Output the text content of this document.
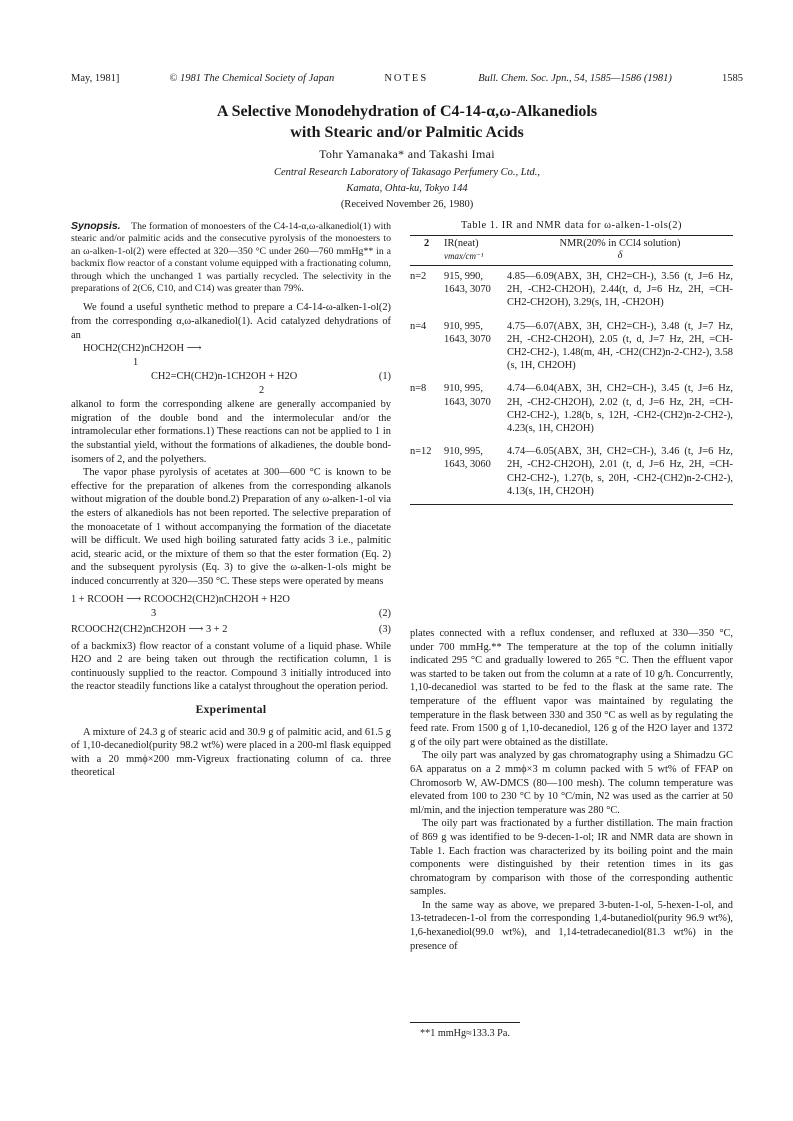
May, 1981]	© 1981 The Chemical Society of Japan	NOTES	Bull. Chem. Soc. Jpn., 54, 1585—1586 (1981)	1585
A Selective Monodehydration of C4-14-α,ω-Alkanediols
with Stearic and/or Palmitic Acids
Tohr Yamanaka* and Takashi Imai
Central Research Laboratory of Takasago Perfumery Co., Ltd.,
Kamata, Ohta-ku, Tokyo 144
(Received November 26, 1980)

Synopsis. The formation of monoesters of the C4-14-α,ω-alkanediol(1) with stearic and/or palmitic acids and the consecutive pyrolysis of the monoesters to an ω-alken-1-ol(2) were effected at 320—350 °C under 260—760 mmHg** in a backmix flow reactor of a constant volume equipped with a fractionating column, through which the unchanged 1 was partially recycled. The selectivity in the preparations of 2(C6, C10, and C14) was greater than 79%.

We found a useful synthetic method to prepare a C4-14-ω-alken-1-ol(2) from the corresponding α,ω-alkanediol(1). Acid catalyzed dehydrations of an

HOCH2(CH2)nCH2OH ⟶
1
CH2=CH(CH2)n-1CH2OH + H2O	(1)
2

alkanol to form the corresponding alkene are generally accompanied by migration of the double bond and the intermolecular and/or the intramolecular ether formations.1) These reactions can not be applied to 1 in the substantial yield, without the formations of alkadienes, the double bond-isomers of 2, and the polyethers.

The vapor phase pyrolysis of acetates at 300—600 °C is known to be effective for the preparation of alkenes from the corresponding alkanols without migration of the double bond.2) Preparation of any ω-alken-1-ol via the esters of alkanediols has not been reported. The selective preparation of the monoacetate of 1 without accompanying the formation of the diacetate will be difficult. We used high boiling saturated fatty acids 3 i.e., palmitic acid, stearic acid, or the mixture of them so that the ester formation (Eq. 2) and the subsequent pyrolysis (Eq. 3) to give the ω-alken-1-ols might be induced concurrently at 320—350 °C. These steps were operated by means

1 + RCOOH ⟶ RCOOCH2(CH2)nCH2OH + H2O
3	(2)
RCOOCH2(CH2)nCH2OH ⟶ 3 + 2	(3)

of a backmix3) flow reactor of a constant volume of a liquid phase. While H2O and 2 are being taken out through the rectification column, 1 is continuously supplied to the reactor. Compound 3 initially introduced into the reactor steadily functions like a catalyst throughout the operation period.

Experimental

A mixture of 24.3 g of stearic acid and 30.9 g of palmitic acid, and 61.5 g of 1,10-decanediol(purity 98.2 wt%) were placed in a 200-ml flask equipped with a 20 mmϕ×200 mm-Vigreux fractionating column of ca. three theoretical

Table 1. IR and NMR data for ω-alken-1-ols(2)
2	IR(neat)
νmax/cm⁻¹
NMR(20% in CCl4 solution)
δ
n=2	915, 990,
1643, 3070
4.85—6.09(ABX, 3H, CH2=CH-), 3.56 (t, J=6 Hz, 2H, -CH2-CH2OH), 2.44(t, d, J=6 Hz, 2H, =CH-CH2-CH2OH), 3.29(s, 1H, -CH2OH)
n=4	910, 995,
1643, 3070
4.75—6.07(ABX, 3H, CH2=CH-), 3.48 (t, J=7 Hz, 2H, -CH2-CH2OH), 2.05 (t, d, J=7 Hz, 2H, =CH-CH2-CH2-), 1.48(m, 4H, -CH2(CH2)n-2-CH2-), 3.58 (s, 1H, CH2OH)
n=8	910, 995,
1643, 3070
4.74—6.04(ABX, 3H, CH2=CH-), 3.45 (t, J=6 Hz, 2H, -CH2-CH2OH), 2.02 (t, d, J=6 Hz, 2H, =CH-CH2-CH2-), 1.28(b, s, 12H, -CH2-(CH2)n-2-CH2-), 4.23(s, 1H, CH2OH)
n=12	910, 995,
1643, 3060
4.74—6.05(ABX, 3H, CH2=CH-), 3.46 (t, J=6 Hz, 2H, -CH2-CH2OH), 2.01 (t, d, J=6 Hz, 2H, =CH-CH2-CH2-), 1.27(b, s, 20H, -CH2-(CH2)n-2-CH2-), 4.13(s, 1H, CH2OH)

plates connected with a reflux condenser, and refluxed at 330—350 °C, under 700 mmHg.** The temperature at the top of the column initially indicated 295 °C and gradually lowered to 265 °C. Then the effluent vapor was started to be taken out from the column at a rate of 10 g/h. Concurrently, 1,10-decanediol was started to be fed to the flask at the same rate. The temperature of the effluent vapor was maintained by regulating the temperature in the flask between 330 and 350 °C as well as by regulating the feed rate. From 1500 g of 1,10-decanediol, 126 g of the H2O layer and 1372 g of the oily part were obtained as the distillate.

The oily part was analyzed by gas chromatography using a Shimadzu GC 6A apparatus on a 2 mmϕ×3 m column packed with 5 wt% of FFAP on Chromosorb W, AW-DMCS (80—100 mesh). The column temperature was elevated from 100 to 230 °C by 10 °C/min, N2 was used as the carrier at 50 ml/min, and the injection temperature was 280 °C.

The oily part was fractionated by a further distillation. The main fraction of 869 g was identified to be 9-decen-1-ol; IR and NMR data are shown in Table 1. Each fraction was characterized by its boiling point and the main components were distinguished by their retention times in its gas chromatogram by comparison with those of the corresponding authentic samples.

In the same way as above, we prepared 3-buten-1-ol, 5-hexen-1-ol, and 13-tetradecen-1-ol from the corresponding 1,4-butanediol(purity 96.9 wt%), 1,6-hexanediol(99.0 wt%), and 1,14-tetradecanediol(81.3 wt%) in the presence of

**1 mmHg≈133.3 Pa.
